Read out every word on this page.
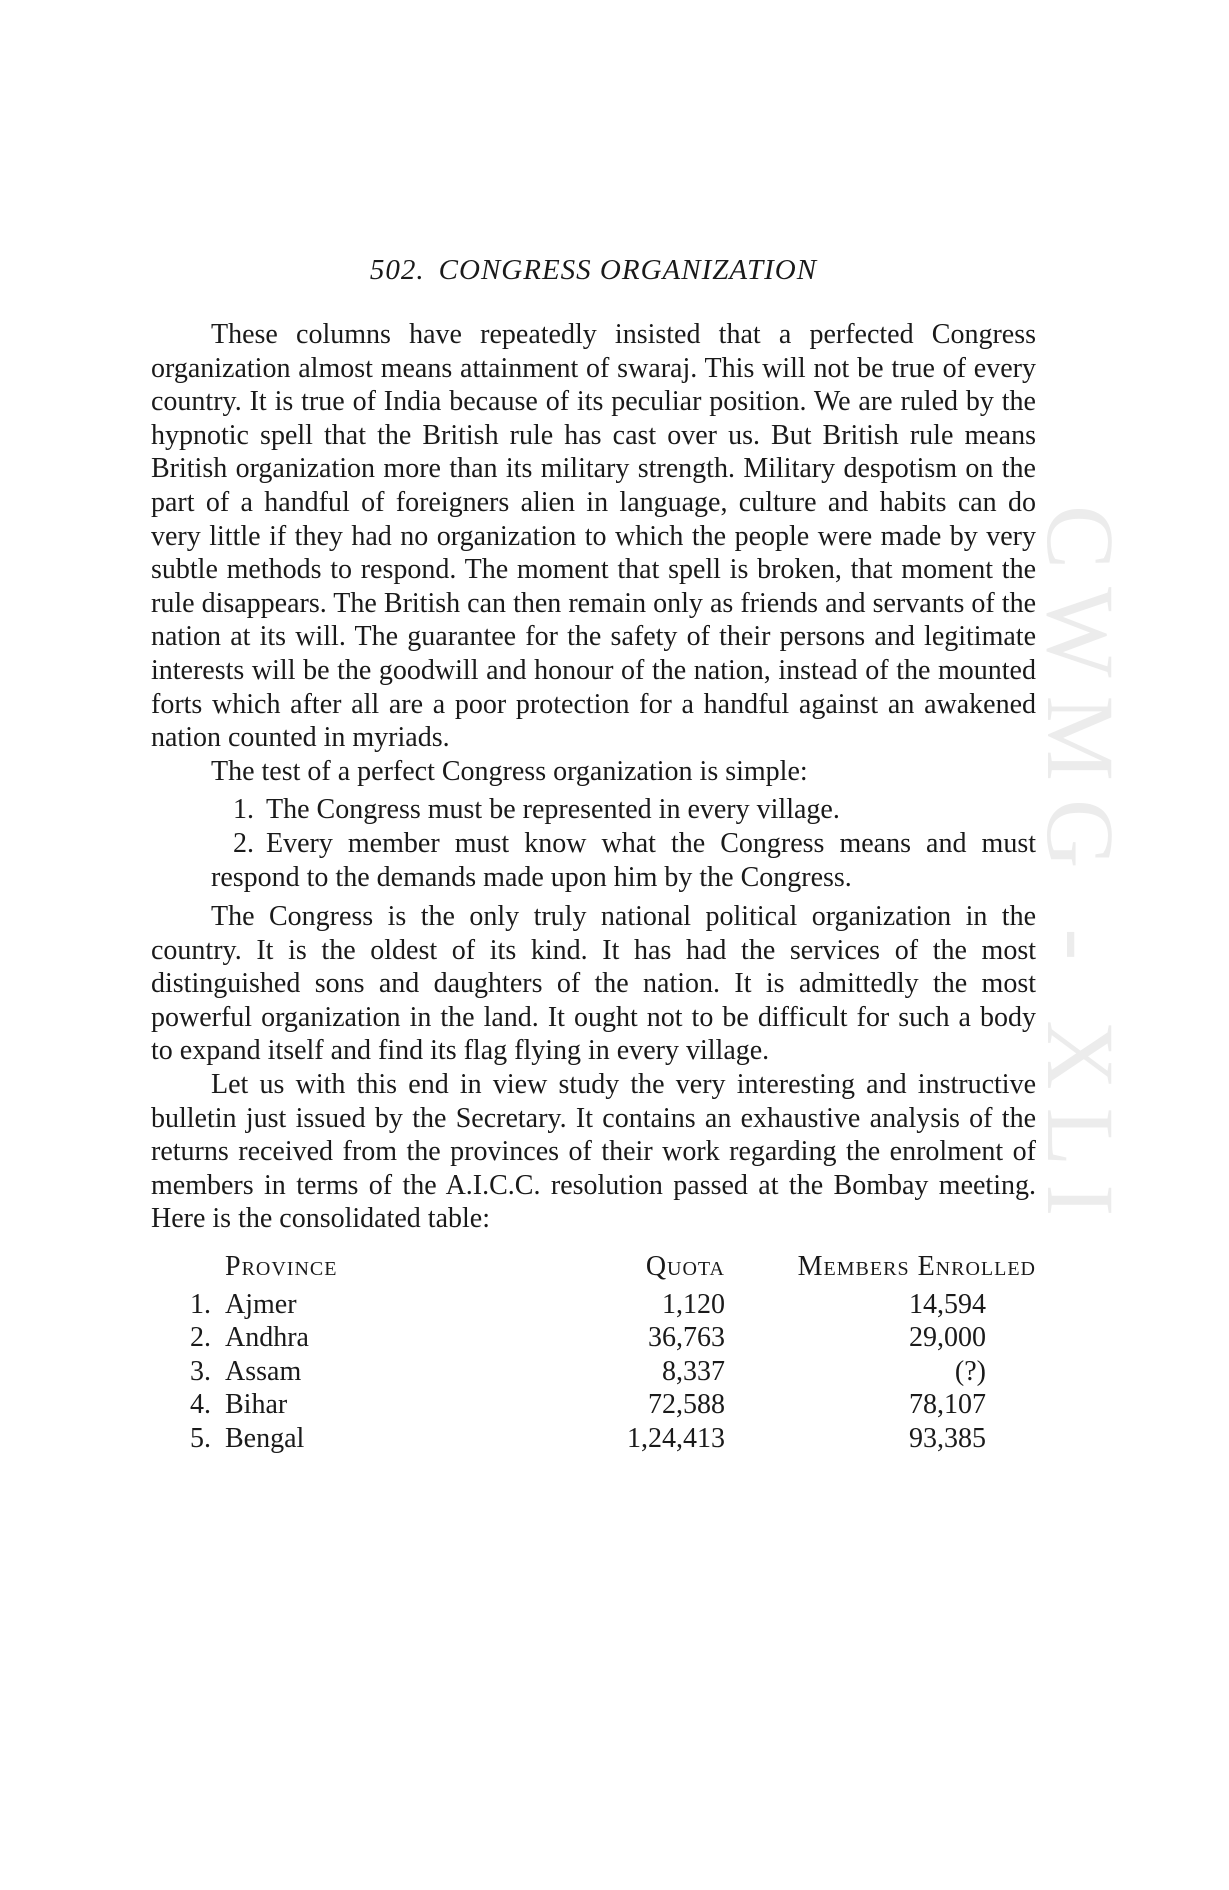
CWMG - XLI
502. CONGRESS ORGANIZATION

These columns have repeatedly insisted that a perfected Congress organization almost means attainment of swaraj. This will not be true of every country. It is true of India because of its peculiar position. We are ruled by the hypnotic spell that the British rule has cast over us. But British rule means British organization more than its military strength. Military despotism on the part of a handful of foreigners alien in language, culture and habits can do very little if they had no organization to which the people were made by very subtle methods to respond. The moment that spell is broken, that moment the rule disappears. The British can then remain only as friends and servants of the nation at its will. The guarantee for the safety of their persons and legitimate interests will be the goodwill and honour of the nation, instead of the mounted forts which after all are a poor protection for a handful against an awakened nation counted in myriads.

The test of a perfect Congress organization is simple:

1. The Congress must be represented in every village.
2. Every member must know what the Congress means and must respond to the demands made upon him by the Congress.

The Congress is the only truly national political organization in the country. It is the oldest of its kind. It has had the services of the most distinguished sons and daughters of the nation. It is admittedly the most powerful organization in the land. It ought not to be difficult for such a body to expand itself and find its flag flying in every village.

Let us with this end in view study the very interesting and instructive bulletin just issued by the Secretary. It contains an exhaustive analysis of the returns received from the provinces of their work regarding the enrolment of members in terms of the A.I.C.C. resolution passed at the Bombay meeting. Here is the consolidated table:

	Province	Quota	Members Enrolled
1.	Ajmer	1,120	14,594
2.	Andhra	36,763	29,000
3.	Assam	8,337	(?)
4.	Bihar	72,588	78,107
5.	Bengal	1,24,413	93,385
